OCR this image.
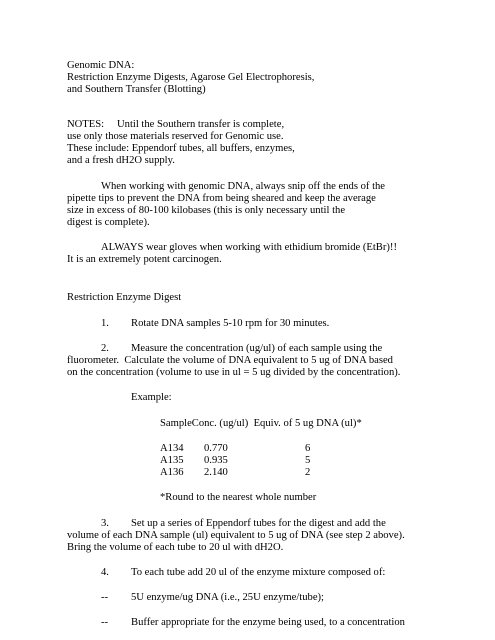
Genomic DNA:
Restriction Enzyme Digests, Agarose Gel Electrophoresis,
and Southern Transfer (Blotting)
NOTES: Until the Southern transfer is complete,
use only those materials reserved for Genomic use.
These include: Eppendorf tubes, all buffers, enzymes,
and a fresh dH2O supply.
When working with genomic DNA, always snip off the ends of the
pipette tips to prevent the DNA from being sheared and keep the average
size in excess of 80-100 kilobases (this is only necessary until the
digest is complete).
ALWAYS wear gloves when working with ethidium bromide (EtBr)!!
It is an extremely potent carcinogen.
Restriction Enzyme Digest
1. Rotate DNA samples 5-10 rpm for 30 minutes.
2. Measure the concentration (ug/ul) of each sample using the
fluorometer.  Calculate the volume of DNA equivalent to 5 ug of DNA based
on the concentration (volume to use in ul = 5 ug divided by the concentration).
Example:
SampleConc. (ug/ul)  Equiv. of 5 ug DNA (ul)*
A134 0.770	6
A135 0.935	5
A136 2.140	2
*Round to the nearest whole number
3. Set up a series of Eppendorf tubes for the digest and add the
volume of each DNA sample (ul) equivalent to 5 ug of DNA (see step 2 above).
Bring the volume of each tube to 20 ul with dH2O.
4. To each tube add 20 ul of the enzyme mixture composed of:
-- 5U enzyme/ug DNA (i.e., 25U enzyme/tube);
-- Buffer appropriate for the enzyme being used, to a concentration
